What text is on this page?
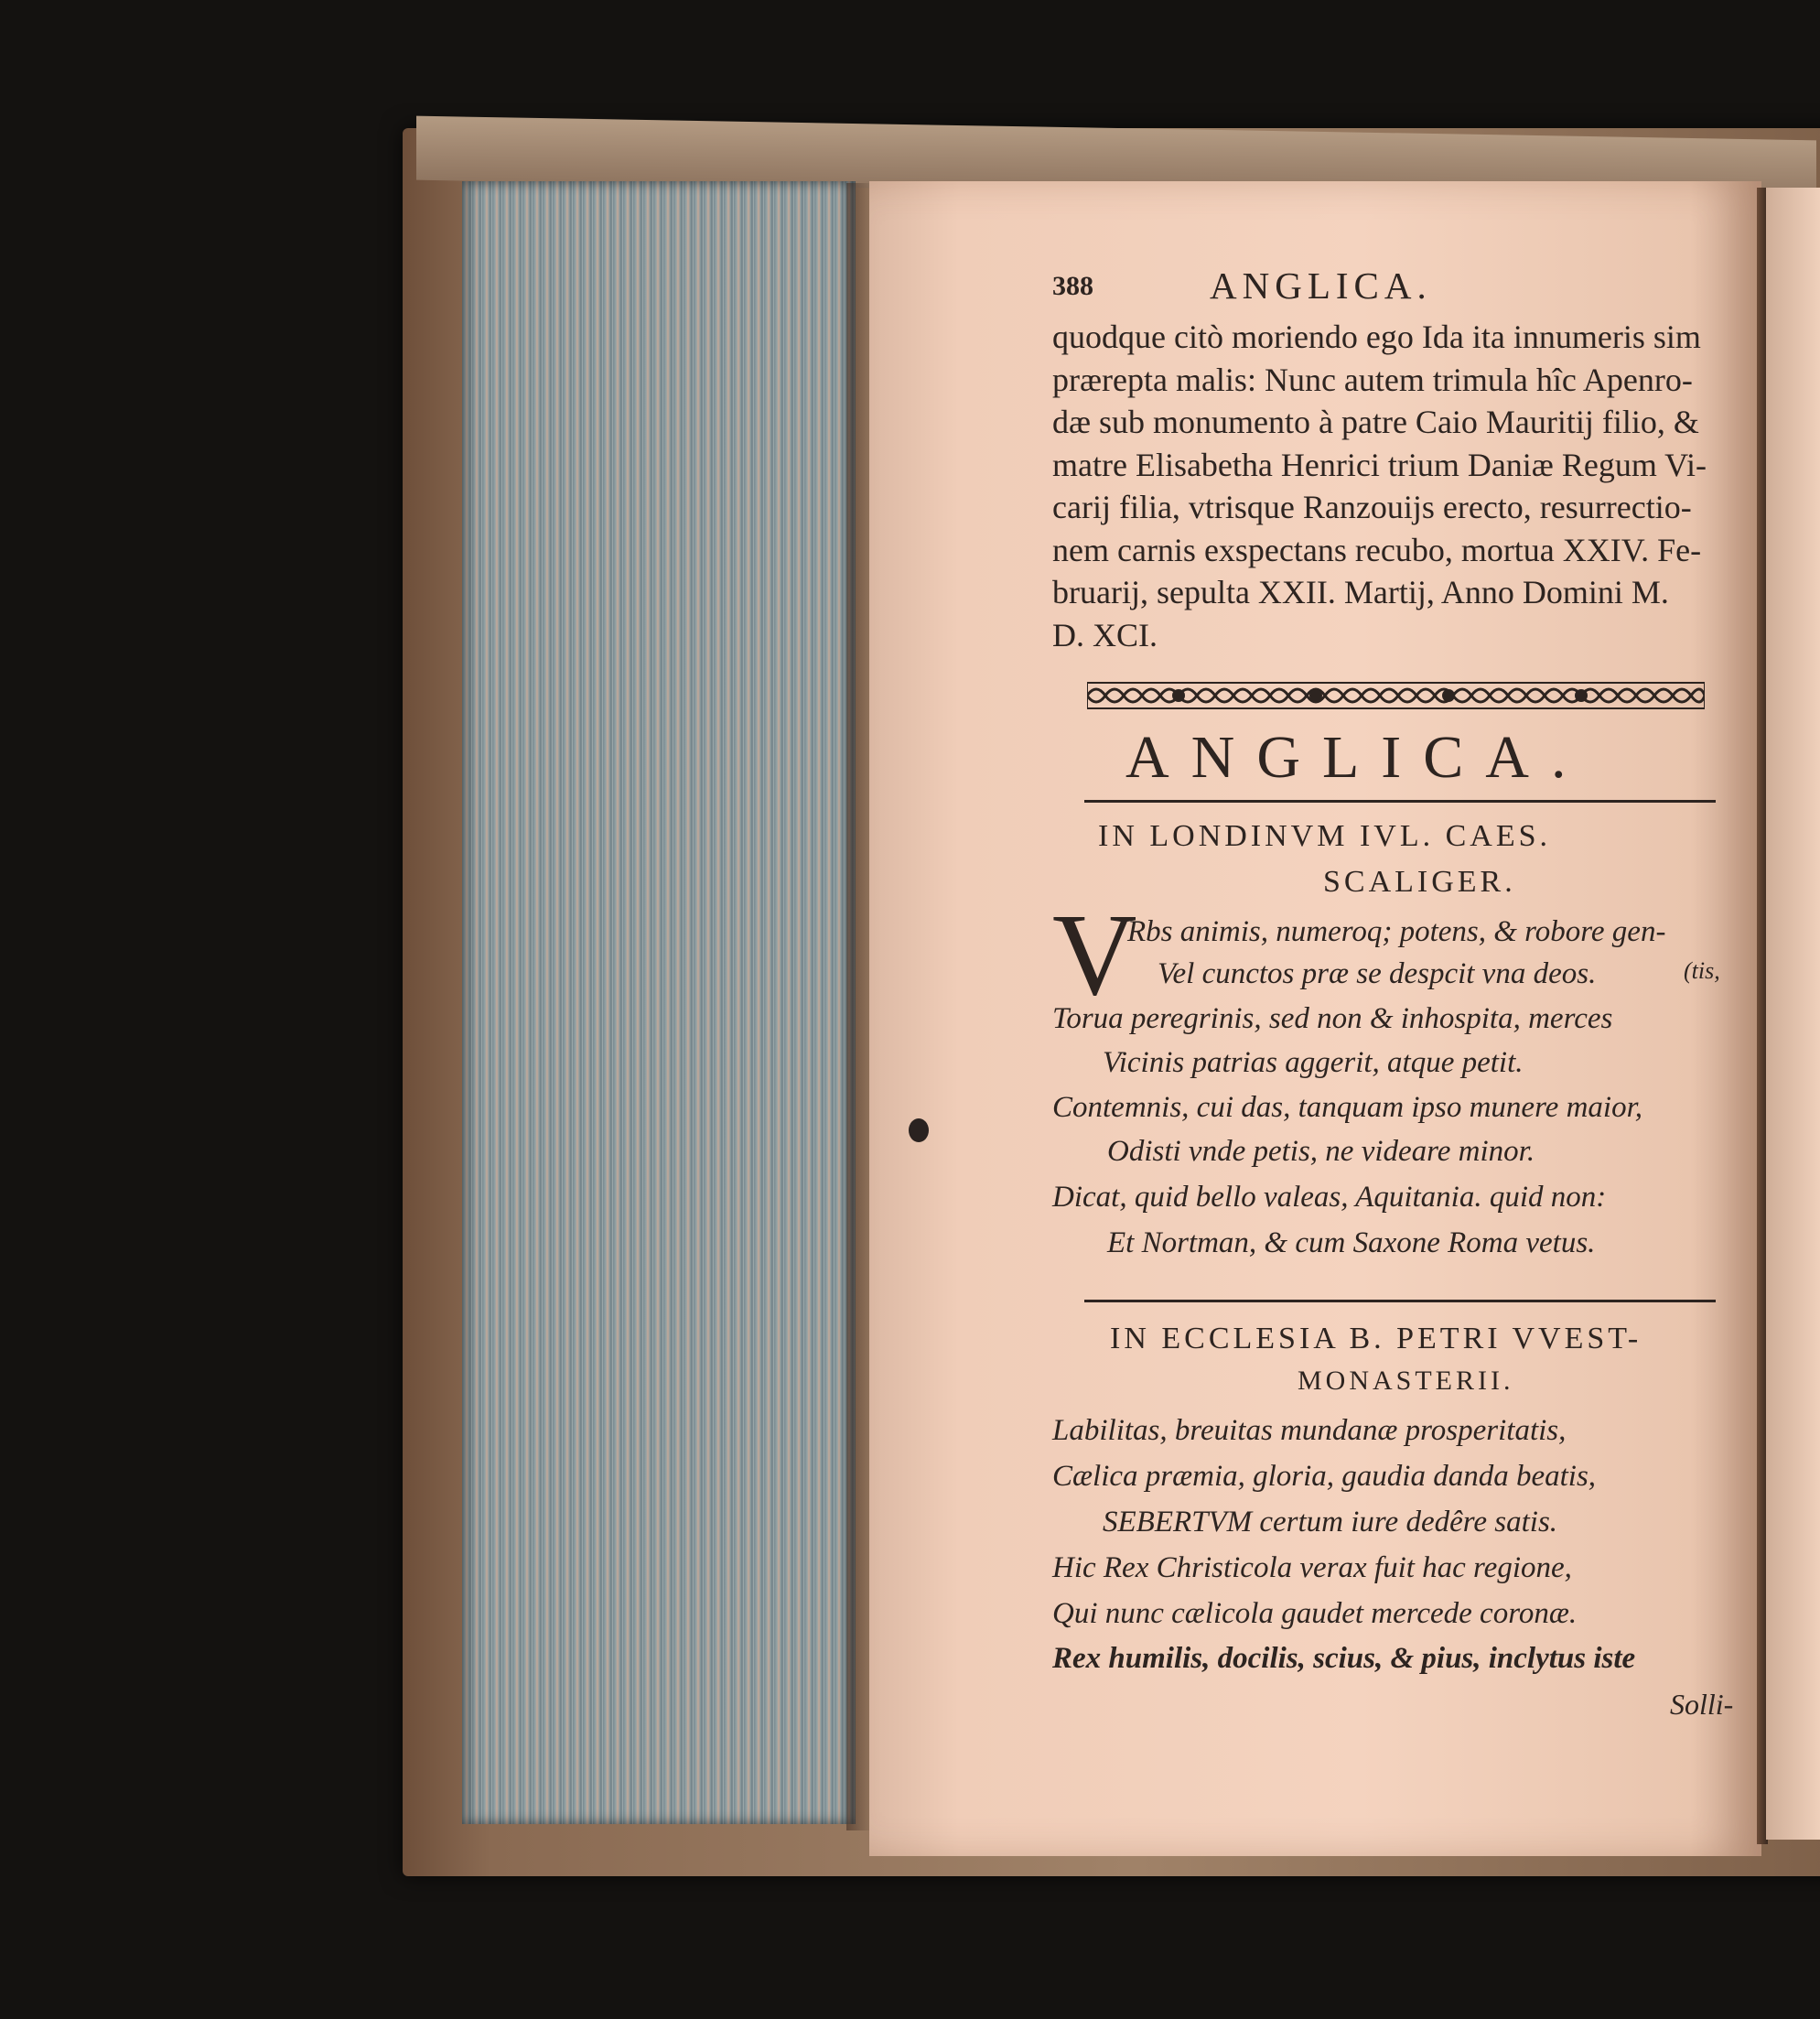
388	ANGLICA.
quodque citò moriendo ego Ida ita innumeris sim
prærepta malis: Nunc autem trimula hîc Apenro-
dæ sub monumento à patre Caio Mauritij filio, &
matre Elisabetha Henrici trium Daniæ Regum Vi-
carij filia, vtrisque Ranzouijs erecto, resurrectio-
nem carnis exspectans recubo, mortua XXIV. Fe-
bruarij, sepulta XXII. Martij, Anno Domini M.
D. XCI.
ANGLICA.
IN LONDINVM IVL. CAES.
SCALIGER.
V
Rbs animis, numeroq; potens, & robore gen-
Vel cunctos præ se despcit vna deos.	(tis,
Torua peregrinis, sed non & inhospita, merces
Vicinis patrias aggerit, atque petit.
Contemnis, cui das, tanquam ipso munere maior,
Odisti vnde petis, ne videare minor.
Dicat, quid bello valeas, Aquitania. quid non:
Et Nortman, & cum Saxone Roma vetus.
IN ECCLESIA B. PETRI VVEST-
MONASTERII.
Labilitas, breuitas mundanæ prosperitatis,
Cælica præmia, gloria, gaudia danda beatis,
SEBERTVM certum iure dedêre satis.
Hic Rex Christicola verax fuit hac regione,
Qui nunc cælicola gaudet mercede coronæ.
Rex humilis, docilis, scius, & pius, inclytus iste
Solli-
